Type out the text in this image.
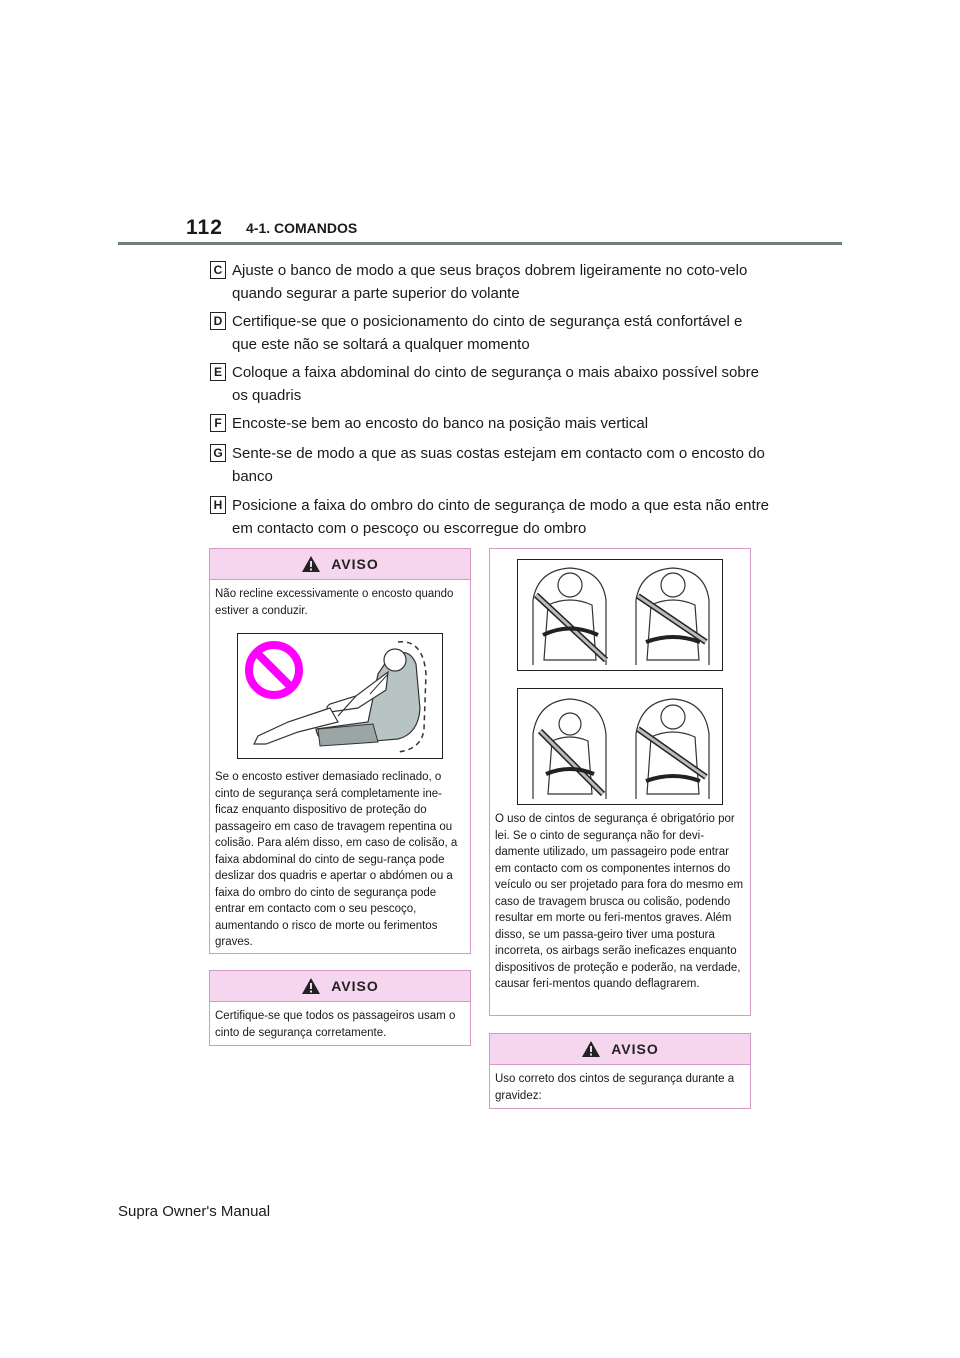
112 4-1. COMANDOS
C Ajuste o banco de modo a que seus braços dobrem ligeiramente no coto-velo quando segurar a parte superior do volante
D Certifique-se que o posicionamento do cinto de segurança está confortável e que este não se soltará a qualquer momento
E Coloque a faixa abdominal do cinto de segurança o mais abaixo possível sobre os quadris
F Encoste-se bem ao encosto do banco na posição mais vertical
G Sente-se de modo a que as suas costas estejam em contacto com o encosto do banco
H Posicione a faixa do ombro do cinto de segurança de modo a que esta não entre em contacto com o pescoço ou escorregue do ombro
AVISO
Não recline excessivamente o encosto quando estiver a conduzir.
Se o encosto estiver demasiado reclinado, o cinto de segurança será completamente ine-ficaz enquanto dispositivo de proteção do passageiro em caso de travagem repentina ou colisão. Para além disso, em caso de colisão, a faixa abdominal do cinto de segu-rança pode deslizar dos quadris e apertar o abdómen ou a faixa do ombro do cinto de segurança pode entrar em contacto com o seu pescoço, aumentando o risco de morte ou ferimentos graves.
AVISO
Certifique-se que todos os passageiros usam o cinto de segurança corretamente.
O uso de cintos de segurança é obrigatório por lei. Se o cinto de segurança não for devi-damente utilizado, um passageiro pode entrar em contacto com os componentes internos do veículo ou ser projetado para fora do mesmo em caso de travagem brusca ou colisão, podendo resultar em morte ou feri-mentos graves. Além disso, se um passa-geiro tiver uma postura incorreta, os airbags serão ineficazes enquanto dispositivos de proteção e poderão, na verdade, causar feri-mentos quando deflagrarem.
AVISO
Uso correto dos cintos de segurança durante a gravidez:
Supra Owner's Manual
